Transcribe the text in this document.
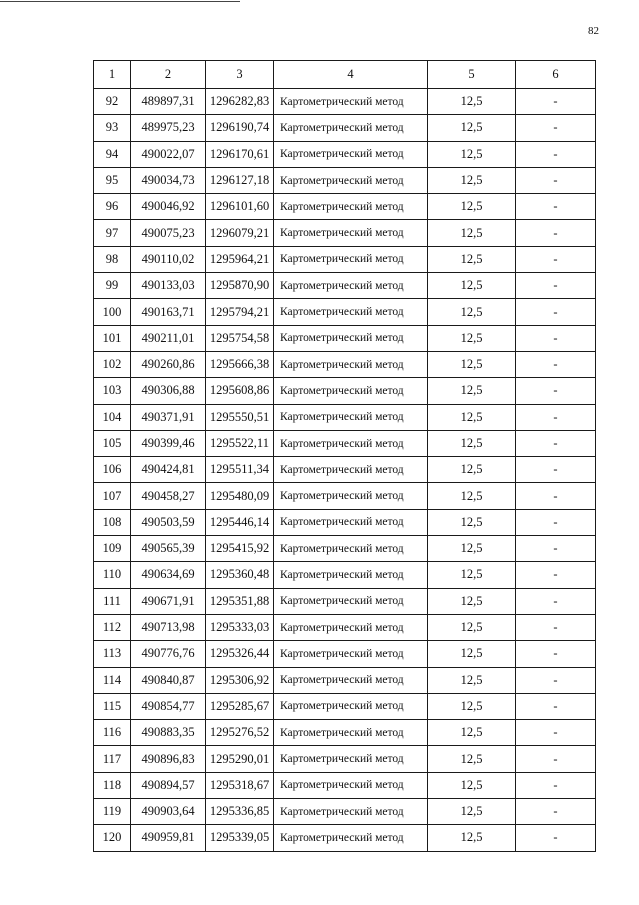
82
1	2	3	4	5	6
92	489897,31	1296282,83	Картометрический метод	12,5	-
93	489975,23	1296190,74	Картометрический метод	12,5	-
94	490022,07	1296170,61	Картометрический метод	12,5	-
95	490034,73	1296127,18	Картометрический метод	12,5	-
96	490046,92	1296101,60	Картометрический метод	12,5	-
97	490075,23	1296079,21	Картометрический метод	12,5	-
98	490110,02	1295964,21	Картометрический метод	12,5	-
99	490133,03	1295870,90	Картометрический метод	12,5	-
100	490163,71	1295794,21	Картометрический метод	12,5	-
101	490211,01	1295754,58	Картометрический метод	12,5	-
102	490260,86	1295666,38	Картометрический метод	12,5	-
103	490306,88	1295608,86	Картометрический метод	12,5	-
104	490371,91	1295550,51	Картометрический метод	12,5	-
105	490399,46	1295522,11	Картометрический метод	12,5	-
106	490424,81	1295511,34	Картометрический метод	12,5	-
107	490458,27	1295480,09	Картометрический метод	12,5	-
108	490503,59	1295446,14	Картометрический метод	12,5	-
109	490565,39	1295415,92	Картометрический метод	12,5	-
110	490634,69	1295360,48	Картометрический метод	12,5	-
111	490671,91	1295351,88	Картометрический метод	12,5	-
112	490713,98	1295333,03	Картометрический метод	12,5	-
113	490776,76	1295326,44	Картометрический метод	12,5	-
114	490840,87	1295306,92	Картометрический метод	12,5	-
115	490854,77	1295285,67	Картометрический метод	12,5	-
116	490883,35	1295276,52	Картометрический метод	12,5	-
117	490896,83	1295290,01	Картометрический метод	12,5	-
118	490894,57	1295318,67	Картометрический метод	12,5	-
119	490903,64	1295336,85	Картометрический метод	12,5	-
120	490959,81	1295339,05	Картометрический метод	12,5	-
